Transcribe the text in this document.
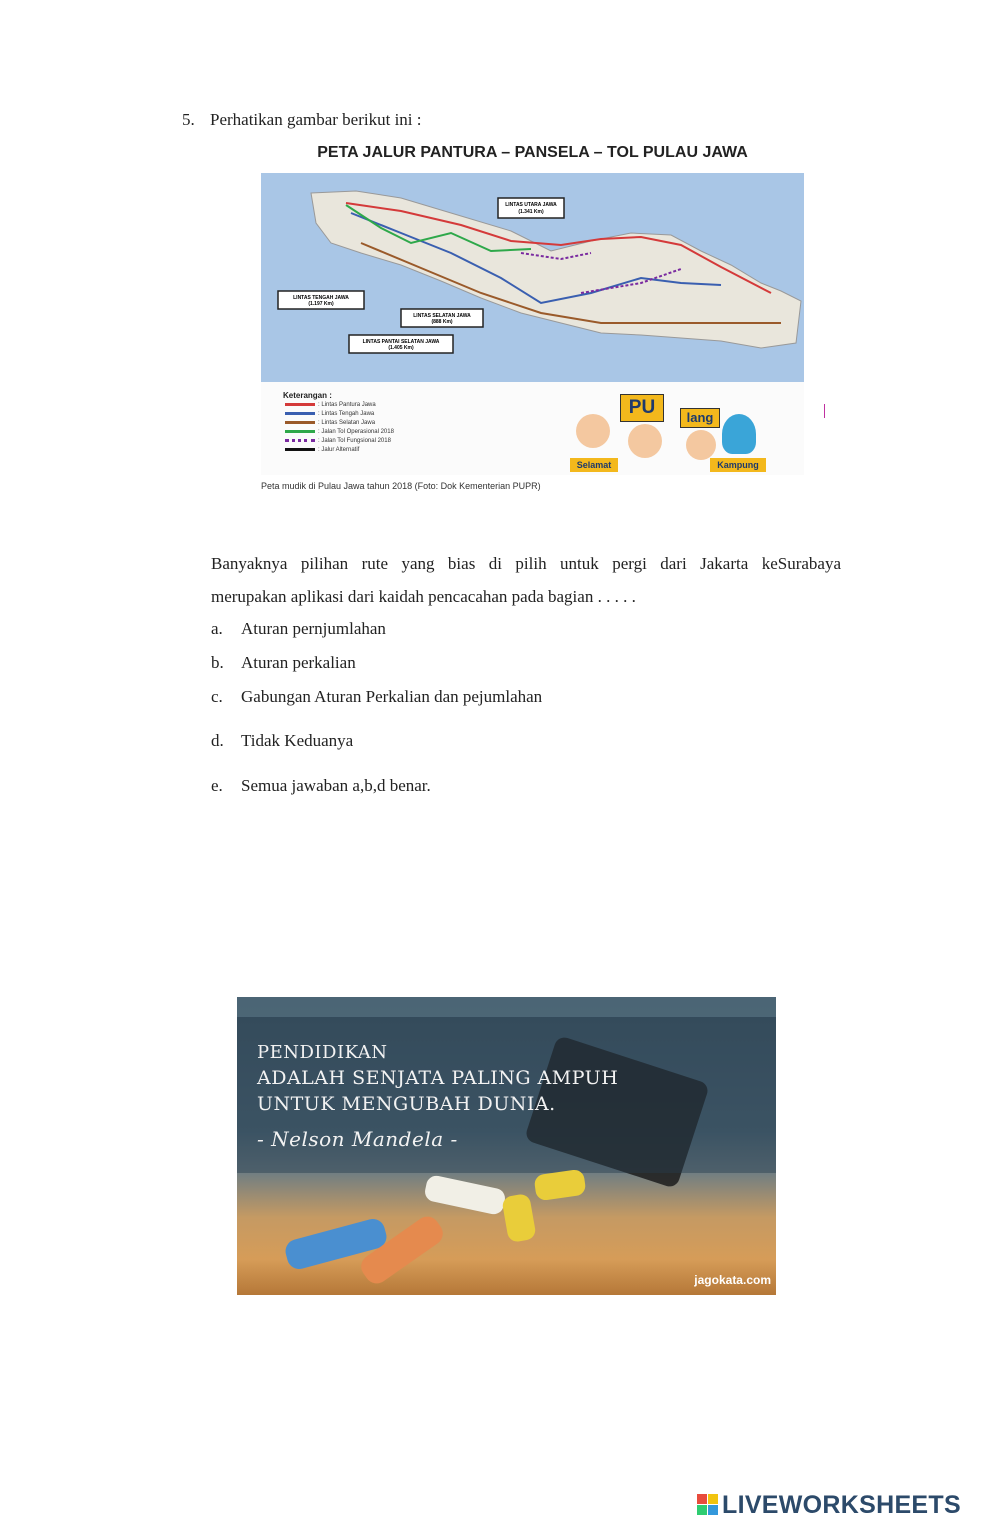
5. Perhatikan gambar berikut ini :
PETA JALUR PANTURA – PANSELA – TOL PULAU JAWA
LINTAS UTARA JAWA
(1.341 Km)
LINTAS TENGAH JAWA
(1.197 Km)
LINTAS SELATAN JAWA
(888 Km)
LINTAS PANTAI SELATAN JAWA
(1.405 Km)
Keterangan :
: Lintas Pantura Jawa
: Lintas Tengah Jawa
: Lintas Selatan Jawa
: Jalan Tol Operasional 2018
: Jalan Tol Fungsional 2018
: Jalur Alternatif
PU	lang
Selamat	Kampung
Peta mudik di Pulau Jawa tahun 2018 (Foto: Dok Kementerian PUPR)
Banyaknya pilihan rute yang bias di pilih untuk pergi dari Jakarta keSurabaya
merupakan aplikasi dari kaidah pencacahan pada bagian . . . . .
a. Aturan pernjumlahan
b. Aturan perkalian
c. Gabungan Aturan Perkalian dan pejumlahan
d. Tidak Keduanya
e. Semua jawaban a,b,d benar.
PENDIDIKAN
ADALAH SENJATA PALING AMPUH
UNTUK MENGUBAH DUNIA.
- Nelson Mandela -
jagokata.com
LIVEWORKSHEETS
